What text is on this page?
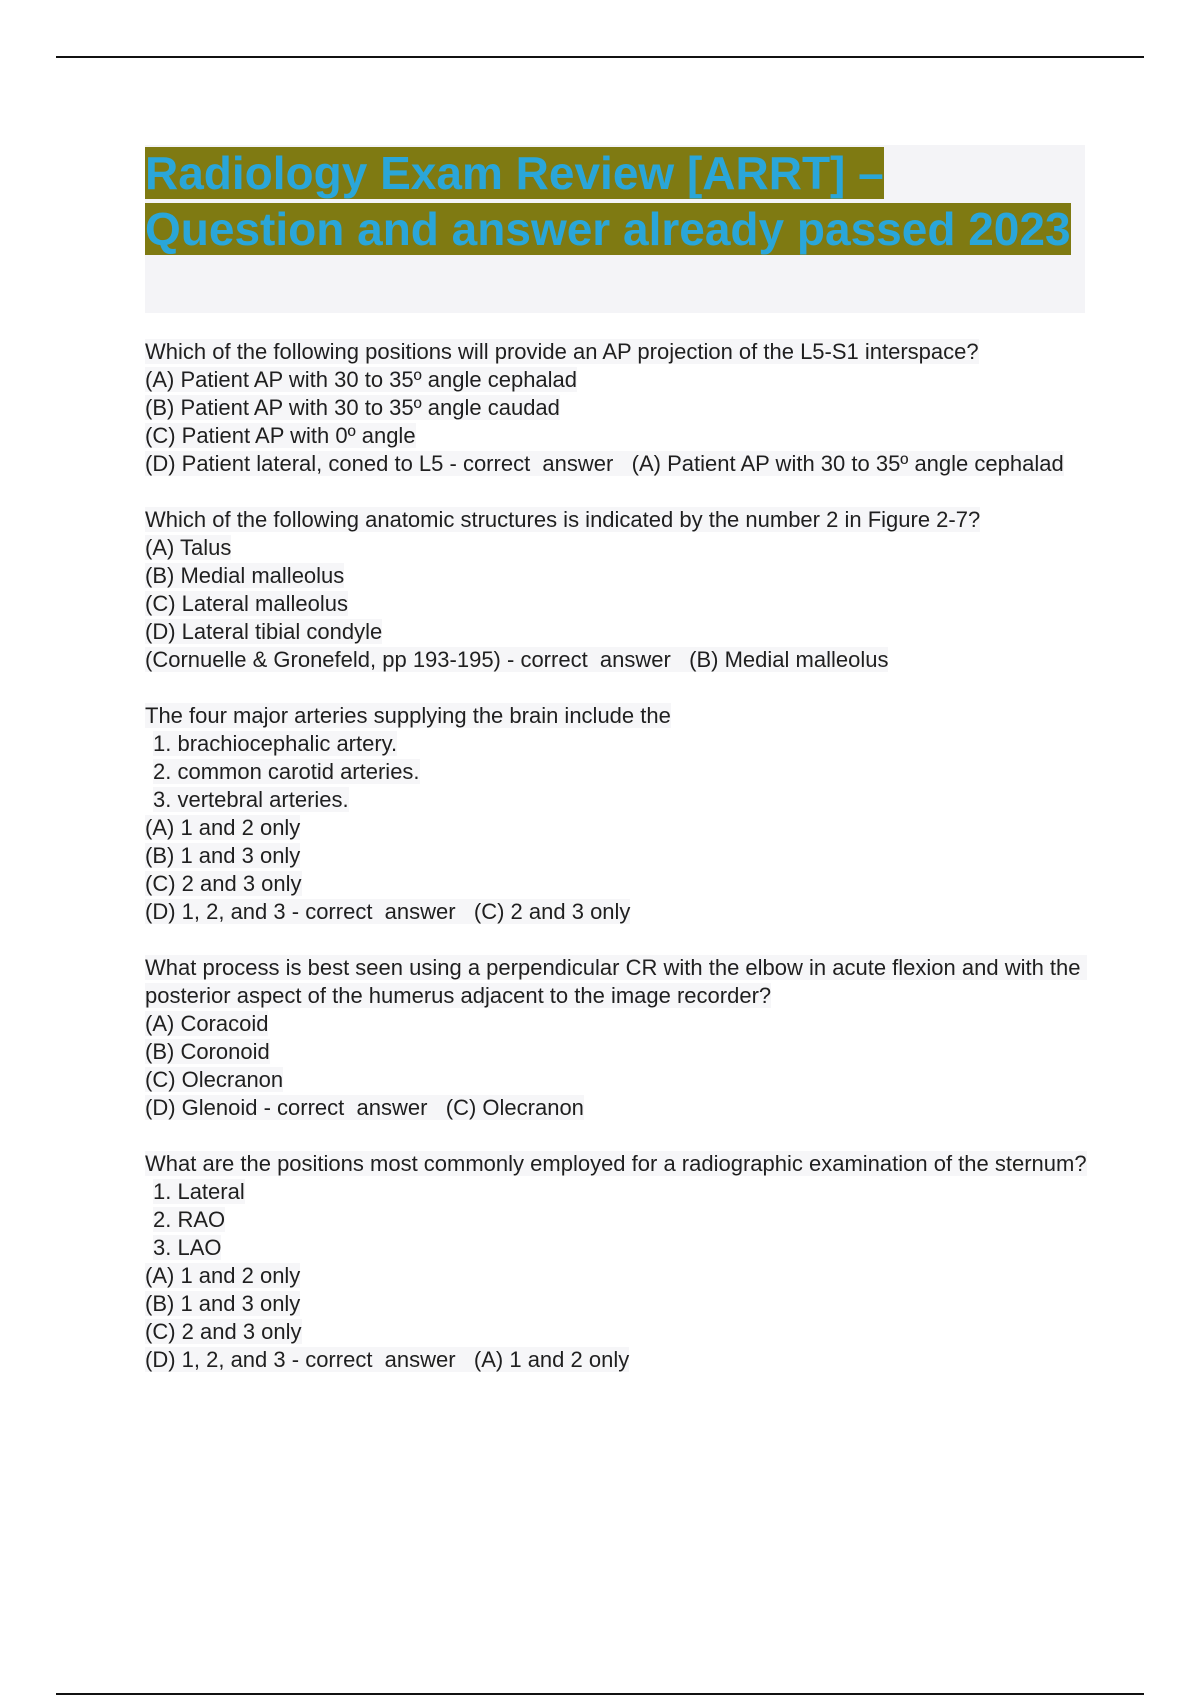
Radiology Exam Review [ARRT] – Question and answer already passed 2023
Which of the following positions will provide an AP projection of the L5-S1 interspace?
(A) Patient AP with 30 to 35º angle cephalad
(B) Patient AP with 30 to 35º angle caudad
(C) Patient AP with 0º angle
(D) Patient lateral, coned to L5 - correct  answer   (A) Patient AP with 30 to 35º angle cephalad
Which of the following anatomic structures is indicated by the number 2 in Figure 2-7?
(A) Talus
(B) Medial malleolus
(C) Lateral malleolus
(D) Lateral tibial condyle
(Cornuelle & Gronefeld, pp 193-195) - correct  answer   (B) Medial malleolus
The four major arteries supplying the brain include the
1. brachiocephalic artery.
2. common carotid arteries.
3. vertebral arteries.
(A) 1 and 2 only
(B) 1 and 3 only
(C) 2 and 3 only
(D) 1, 2, and 3 - correct  answer   (C) 2 and 3 only
What process is best seen using a perpendicular CR with the elbow in acute flexion and with the posterior aspect of the humerus adjacent to the image recorder?
(A) Coracoid
(B) Coronoid
(C) Olecranon
(D) Glenoid - correct  answer   (C) Olecranon
What are the positions most commonly employed for a radiographic examination of the sternum?
1. Lateral
2. RAO
3. LAO
(A) 1 and 2 only
(B) 1 and 3 only
(C) 2 and 3 only
(D) 1, 2, and 3 - correct  answer   (A) 1 and 2 only
